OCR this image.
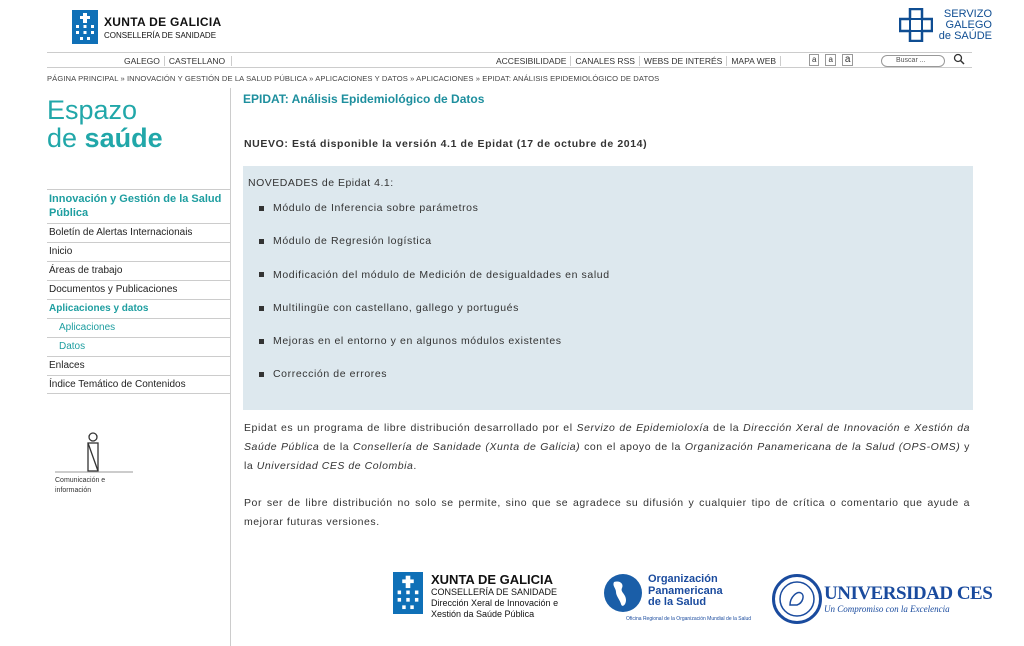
XUNTA DE GALICIA
CONSELLERÍA DE SANIDADE
SERVIZO
GALEGO
de SAÚDE
GALEGO	CASTELLANO	ACCESIBILIDADE	CANALES RSS	WEBS DE INTERÉS	MAPA WEB	a	a	a	Buscar ...
PÁGINA PRINCIPAL » INNOVACIÓN Y GESTIÓN DE LA SALUD PÚBLICA » APLICACIONES Y DATOS » APLICACIONES » EPIDAT: ANÁLISIS EPIDEMIOLÓGICO DE DATOS
Espazo
de saúde
Innovación y Gestión de la Salud Pública
Boletín de Alertas Internacionais
Inicio
Áreas de trabajo
Documentos y Publicaciones
Aplicaciones y datos
Aplicaciones
Datos
Enlaces
Índice Temático de Contenidos
Comunicación e información
EPIDAT: Análisis Epidemiológico de Datos
NUEVO: Está disponible la versión 4.1 de Epidat (17 de octubre de 2014)
NOVEDADES de Epidat 4.1:
Módulo de Inferencia sobre parámetros
Módulo de Regresión logística
Modificación del módulo de Medición de desigualdades en salud
Multilingüe con castellano, gallego y portugués
Mejoras en el entorno y en algunos módulos existentes
Corrección de errores

Epidat es un programa de libre distribución desarrollado por el Servizo de Epidemioloxía de la Dirección Xeral de Innovación e Xestión da Saúde Pública de la Consellería de Sanidade (Xunta de Galicia) con el apoyo de la Organización Panamericana de la Salud (OPS-OMS) y la Universidad CES de Colombia.

Por ser de libre distribución no solo se permite, sino que se agradece su difusión y cualquier tipo de crítica o comentario que ayude a mejorar futuras versiones.

XUNTA DE GALICIA
CONSELLERÍA DE SANIDADE
Dirección Xeral de Innovación e
Xestión da Saúde Pública
Organización
Panamericana
de la Salud
Oficina Regional de la Organización Mundial de la Salud
UNIVERSIDAD CES
Un Compromiso con la Excelencia
